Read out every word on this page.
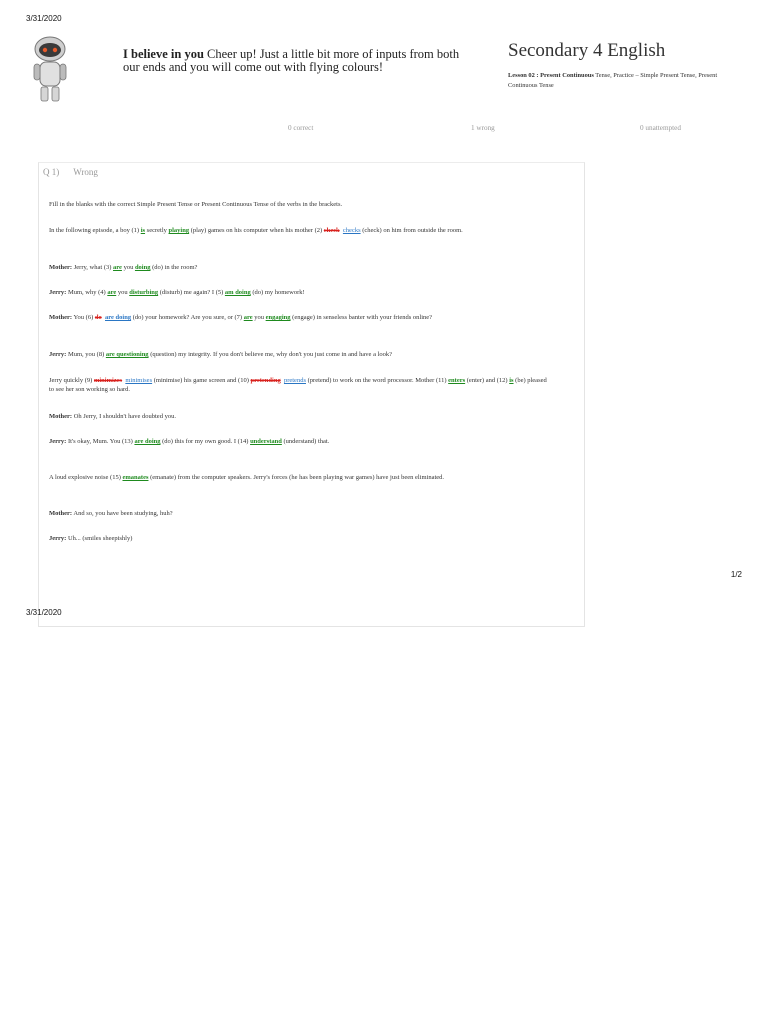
3/31/2020
I believe in you Cheer up! Just a little bit more of inputs from both our ends and you will come out with flying colours!
Secondary 4 English
Lesson 02 : Present Continuous Tense, Practice – Simple Present Tense, Present Continuous Tense
0 correct	1 wrong	0 unattempted
Q 1) Wrong

Fill in the blanks with the correct Simple Present Tense or Present Continuous Tense of the verbs in the brackets.

In the following episode, a boy (1) is secretly playing (play) games on his computer when his mother (2) check checks (check) on him from outside the room.

Mother: Jerry, what (3) are you doing (do) in the room?

Jerry: Mum, why (4) are you disturbing (disturb) me again? I (5) am doing (do) my homework!

Mother: You (6) do are doing (do) your homework? Are you sure, or (7) are you engaging (engage) in senseless banter with your friends online?

Jerry: Mum, you (8) are questioning (question) my integrity. If you don't believe me, why don't you just come in and have a look?

Jerry quickly (9) minimizes minimises (minimise) his game screen and (10) pretending pretends (pretend) to work on the word processor. Mother (11) enters (enter) and (12) is (be) pleased to see her son working so hard.

Mother: Oh Jerry, I shouldn't have doubted you.

Jerry: It's okay, Mum. You (13) are doing (do) this for my own good. I (14) understand (understand) that.

A loud explosive noise (15) emanates (emanate) from the computer speakers. Jerry's forces (he has been playing war games) have just been eliminated.

Mother: And so, you have been studying, huh?

Jerry: Uh... (smiles sheepishly)

1/2
3/31/2020
